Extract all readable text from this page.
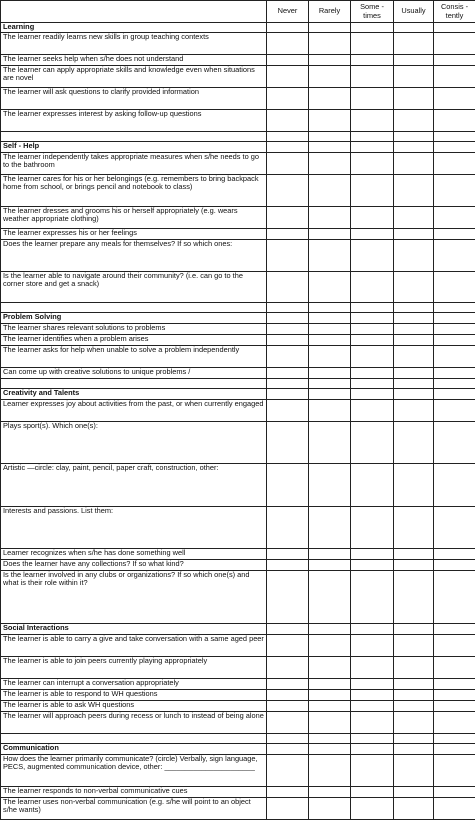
	Never	Rarely	Some - times	Usually	Consis - tently
Learning					
The learner readily learns new skills in group teaching contexts					
The learner seeks help when s/he does not understand					
The learner can apply appropriate skills and knowledge even when situations are novel					
The learner will ask questions to clarify provided information					
The learner expresses interest by asking follow-up questions					

Self - Help					
The learner independently takes appropriate measures when s/he needs to go to the bathroom					
The learner cares for his or her belongings (e.g. remembers to bring backpack home from school, or brings pencil and notebook to class)					
The learner dresses and grooms his or herself appropriately (e.g. wears weather appropriate clothing)					
The learner expresses his or her feelings					
Does the learner prepare any meals for themselves? If so which ones:					
Is the learner able to navigate around their community? (i.e. can go to the corner store and get a snack)					

Problem Solving					
The learner shares relevant solutions to problems					
The learner identifies when a problem arises					
The learner asks for help when unable to solve a problem independently					
Can come up with creative solutions to unique problems /					

Creativity and Talents					
Learner expresses joy about activities from the past, or when currently engaged					
Plays sport(s). Which one(s):					
Artistic —circle: clay, paint, pencil, paper craft, construction, other:					
Interests and passions. List them:					
Learner recognizes when s/he has done something well					
Does the learner have any collections? If so what kind?					
Is the learner involved in any clubs or organizations? If so which one(s) and what is their role within it?					
Social Interactions					
The learner is able to carry a give and take conversation with a same aged peer					
The learner is able to join peers currently playing appropriately					
The learner can interrupt a conversation appropriately					
The learner is able to respond to WH questions					
The learner is able to ask WH questions					
The learner will approach peers during recess or lunch to instead of being alone					

Communication					
How does the learner primarily communicate? (circle) Verbally, sign language, PECS, augmented communication device, other: ______________________					
The learner responds to non-verbal communicative cues					
The learner uses non-verbal communication (e.g. s/he will point to an object s/he wants)					
